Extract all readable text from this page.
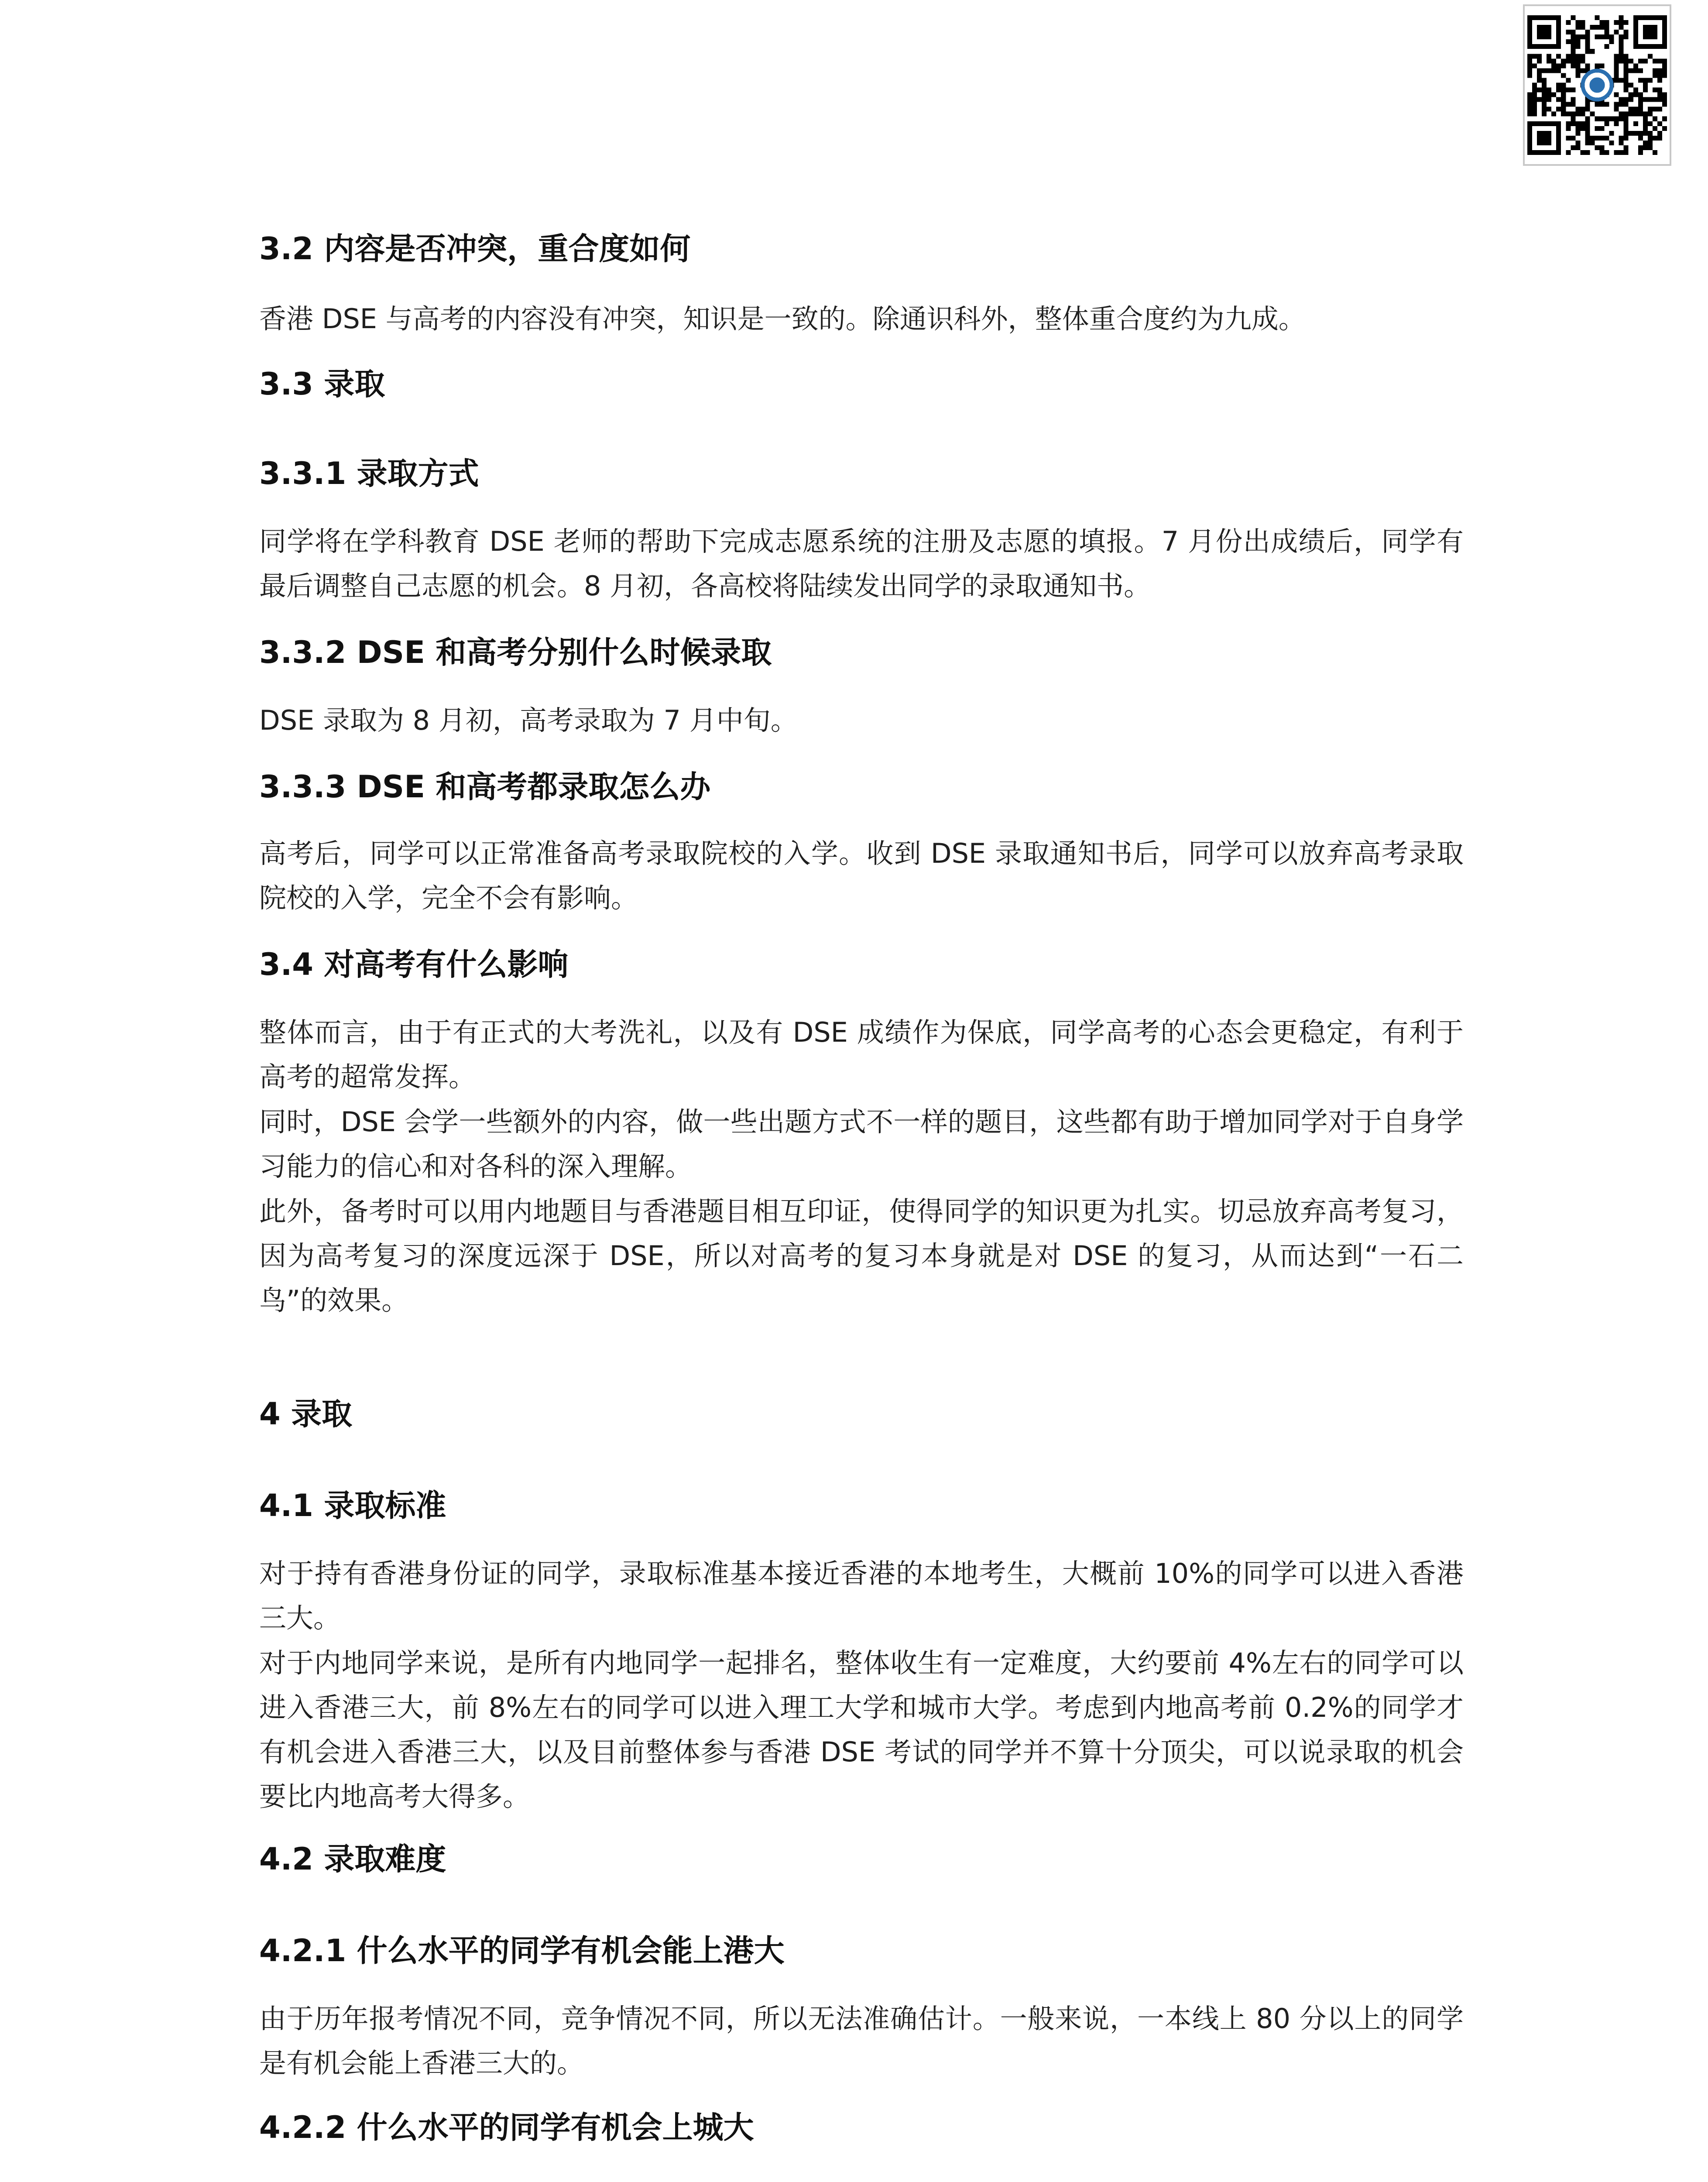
3.2 内容是否冲突，重合度如何

香港 DSE 与高考的内容没有冲突，知识是一致的。除通识科外，整体重合度约为九成。

3.3 录取
3.3.1 录取方式

同学将在学科教育 DSE 老师的帮助下完成志愿系统的注册及志愿的填报。7 月份出成绩后，同学有最后调整自己志愿的机会。8 月初，各高校将陆续发出同学的录取通知书。

3.3.2 DSE 和高考分别什么时候录取

DSE 录取为 8 月初，高考录取为 7 月中旬。

3.3.3 DSE 和高考都录取怎么办

高考后，同学可以正常准备高考录取院校的入学。收到 DSE 录取通知书后，同学可以放弃高考录取院校的入学，完全不会有影响。

3.4 对高考有什么影响

整体而言，由于有正式的大考洗礼，以及有 DSE 成绩作为保底，同学高考的心态会更稳定，有利于高考的超常发挥。

同时，DSE 会学一些额外的内容，做一些出题方式不一样的题目，这些都有助于增加同学对于自身学习能力的信心和对各科的深入理解。

此外，备考时可以用内地题目与香港题目相互印证，使得同学的知识更为扎实。切忌放弃高考复习，因为高考复习的深度远深于 DSE，所以对高考的复习本身就是对 DSE 的复习，从而达到“一石二鸟”的效果。

4 录取
4.1 录取标准

对于持有香港身份证的同学，录取标准基本接近香港的本地考生，大概前 10%的同学可以进入香港三大。

对于内地同学来说，是所有内地同学一起排名，整体收生有一定难度，大约要前 4%左右的同学可以进入香港三大，前 8%左右的同学可以进入理工大学和城市大学。考虑到内地高考前 0.2%的同学才有机会进入香港三大，以及目前整体参与香港 DSE 考试的同学并不算十分顶尖，可以说录取的机会要比内地高考大得多。

4.2 录取难度
4.2.1 什么水平的同学有机会能上港大

由于历年报考情况不同，竞争情况不同，所以无法准确估计。一般来说，一本线上 80 分以上的同学是有机会能上香港三大的。

4.2.2 什么水平的同学有机会上城大
